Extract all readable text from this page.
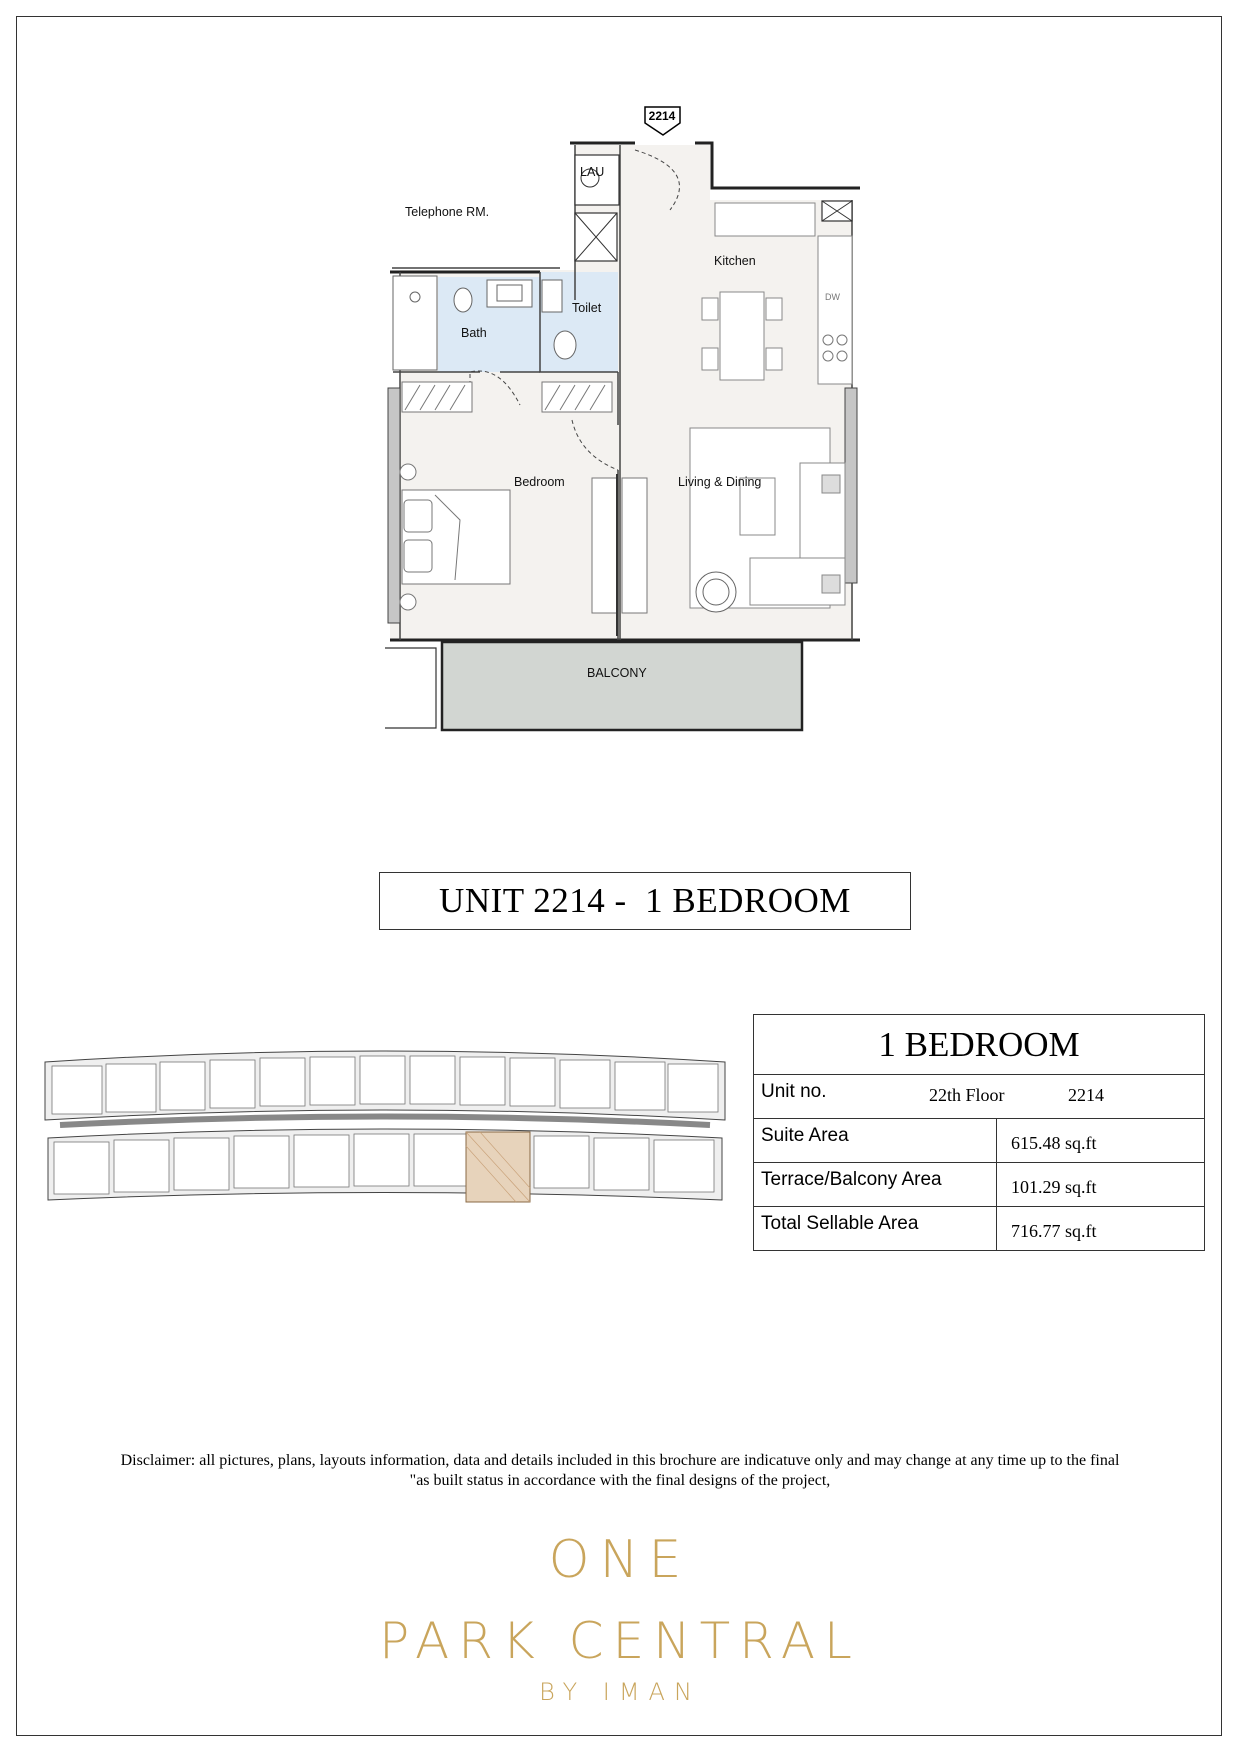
2214
LAU
Telephone RM.
DW
Kitchen
Bath
Toilet
Bedroom	Living & Dining
BALCONY
UNIT 2214 -  1 BEDROOM
1 BEDROOM
Unit no.	22th Floor	2214
Suite Area	615.48 sq.ft
Terrace/Balcony Area	101.29 sq.ft
Total Sellable Area	716.77 sq.ft
Disclaimer: all pictures, plans, layouts information, data and details included in this brochure are indicatuve only and may change at any time up to the final
"as built status in accordance with the final designs of the project,
ONE
PARK CENTRAL
BY IMAN
